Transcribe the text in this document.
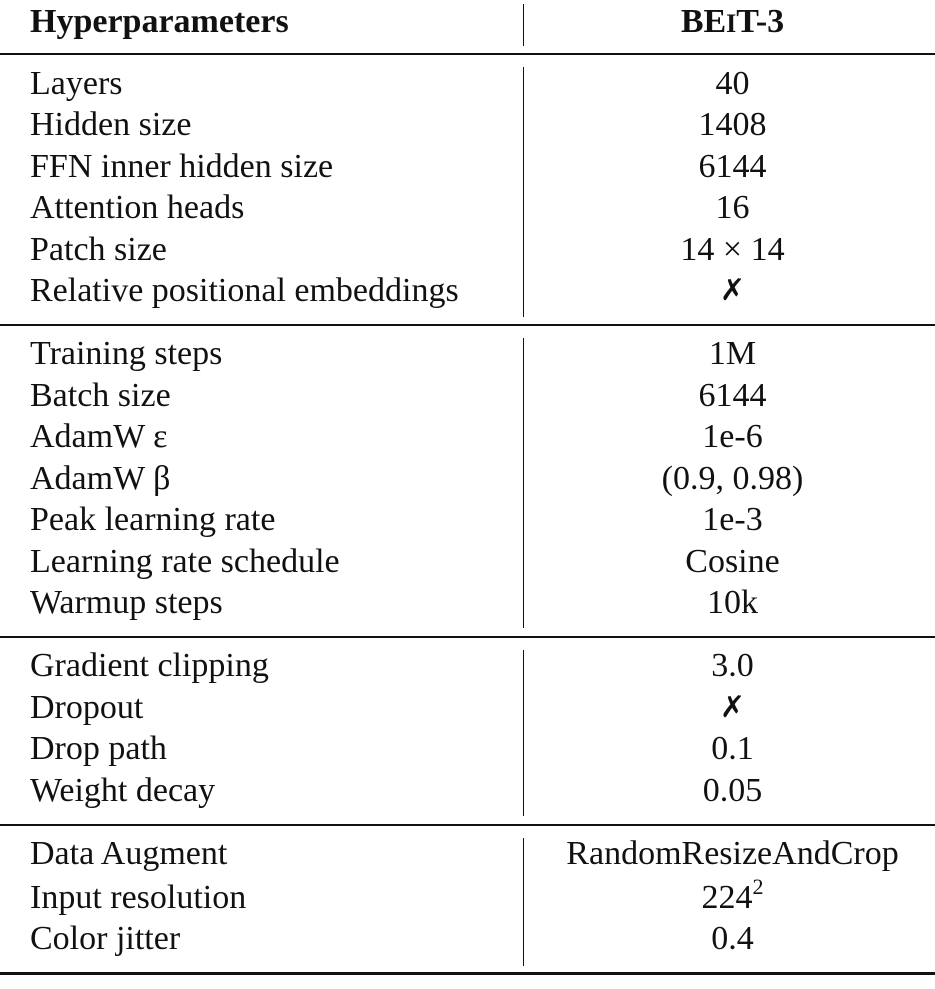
Hyperparameters	BEIT-3
Layers	40
Hidden size	1408
FFN inner hidden size	6144
Attention heads	16
Patch size	14 × 14
Relative positional embeddings	✗
Training steps	1M
Batch size	6144
AdamW ε	1e-6
AdamW β	(0.9, 0.98)
Peak learning rate	1e-3
Learning rate schedule	Cosine
Warmup steps	10k
Gradient clipping	3.0
Dropout	✗
Drop path	0.1
Weight decay	0.05
Data Augment	RandomResizeAndCrop
Input resolution	$224^2$
Color jitter	0.4
